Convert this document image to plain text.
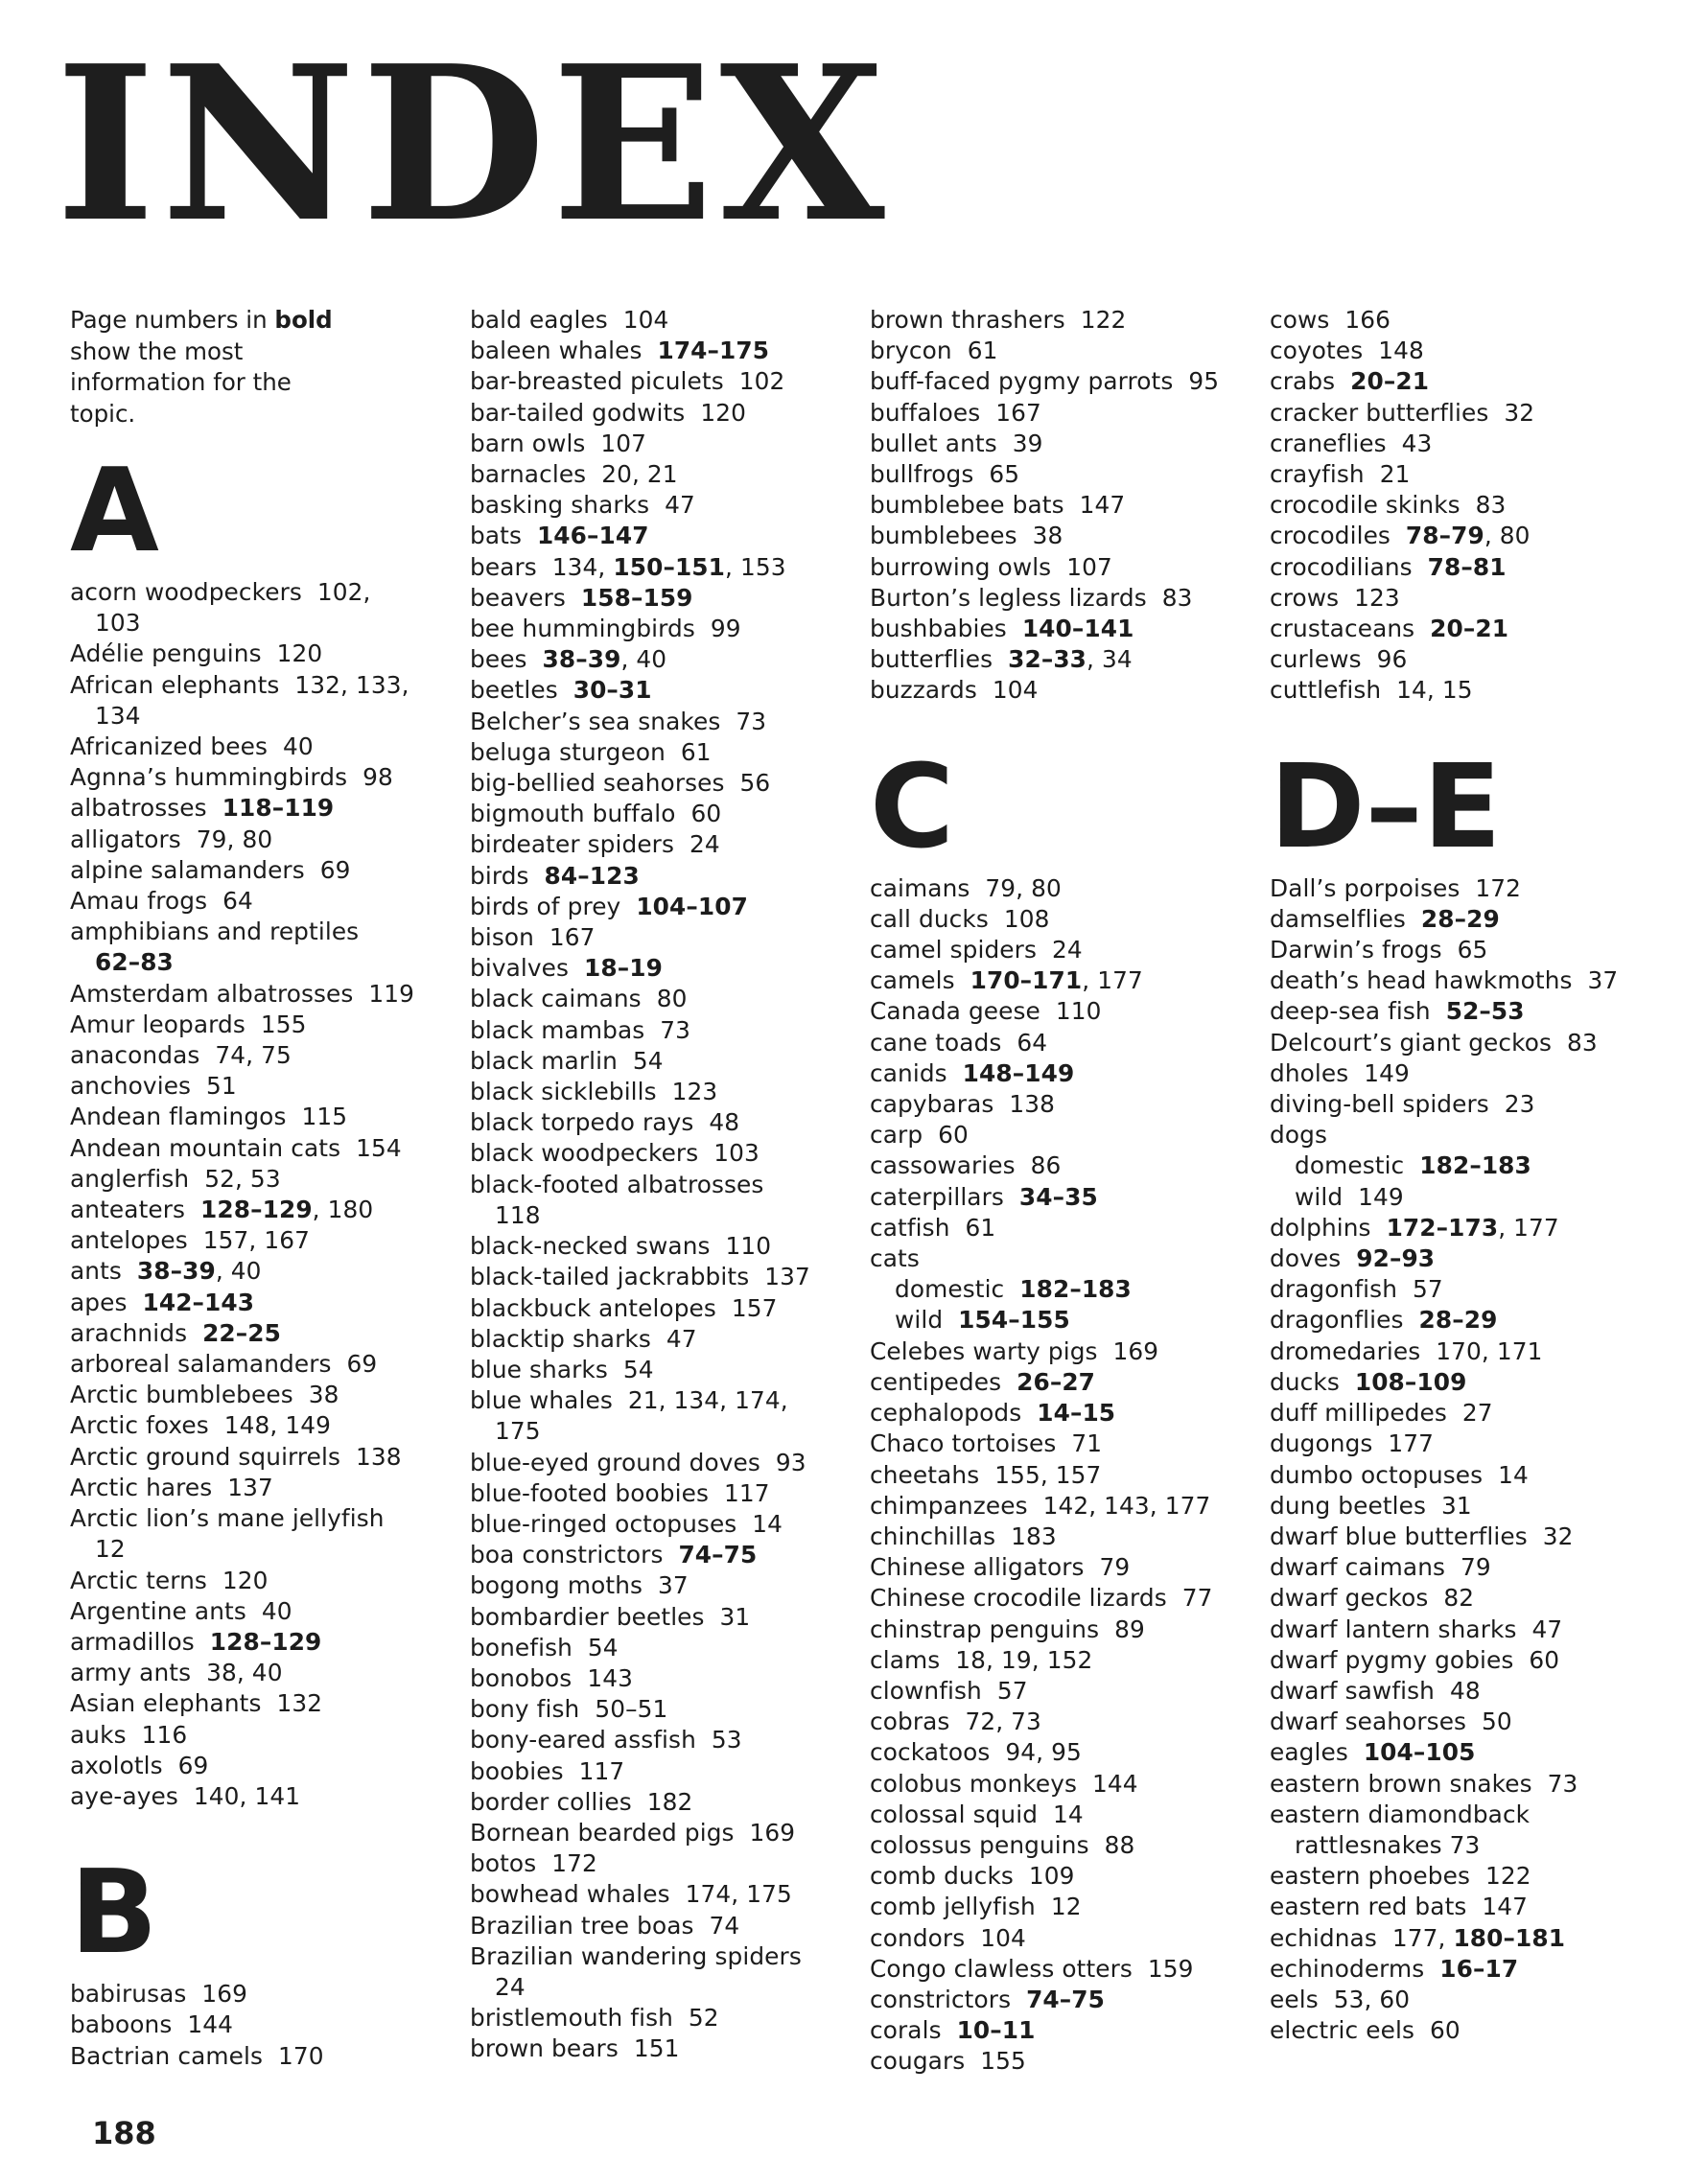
INDEX

Page numbers in bold show the most information for the topic.

A
acorn woodpeckers 102,
103
Adélie penguins 120
African elephants 132, 133,
134
Africanized bees 40
Agnna’s hummingbirds 98
albatrosses 118–119
alligators 79, 80
alpine salamanders 69
Amau frogs 64
amphibians and reptiles
62–83
Amsterdam albatrosses 119
Amur leopards 155
anacondas 74, 75
anchovies 51
Andean flamingos 115
Andean mountain cats 154
anglerfish 52, 53
anteaters 128–129, 180
antelopes 157, 167
ants 38–39, 40
apes 142–143
arachnids 22–25
arboreal salamanders 69
Arctic bumblebees 38
Arctic foxes 148, 149
Arctic ground squirrels 138
Arctic hares 137
Arctic lion’s mane jellyfish
12
Arctic terns 120
Argentine ants 40
armadillos 128–129
army ants 38, 40
Asian elephants 132
auks 116
axolotls 69
aye-ayes 140, 141
B
babirusas 169
baboons 144
Bactrian camels 170
bald eagles 104
baleen whales 174–175
bar-breasted piculets 102
bar-tailed godwits 120
barn owls 107
barnacles 20, 21
basking sharks 47
bats 146–147
bears 134, 150–151, 153
beavers 158–159
bee hummingbirds 99
bees 38–39, 40
beetles 30–31
Belcher’s sea snakes 73
beluga sturgeon 61
big-bellied seahorses 56
bigmouth buffalo 60
birdeater spiders 24
birds 84–123
birds of prey 104–107
bison 167
bivalves 18–19
black caimans 80
black mambas 73
black marlin 54
black sicklebills 123
black torpedo rays 48
black woodpeckers 103
black-footed albatrosses
118
black-necked swans 110
black-tailed jackrabbits 137
blackbuck antelopes 157
blacktip sharks 47
blue sharks 54
blue whales 21, 134, 174,
175
blue-eyed ground doves 93
blue-footed boobies 117
blue-ringed octopuses 14
boa constrictors 74–75
bogong moths 37
bombardier beetles 31
bonefish 54
bonobos 143
bony fish 50–51
bony-eared assfish 53
boobies 117
border collies 182
Bornean bearded pigs 169
botos 172
bowhead whales 174, 175
Brazilian tree boas 74
Brazilian wandering spiders
24
bristlemouth fish 52
brown bears 151
brown thrashers 122
brycon 61
buff-faced pygmy parrots 95
buffaloes 167
bullet ants 39
bullfrogs 65
bumblebee bats 147
bumblebees 38
burrowing owls 107
Burton’s legless lizards 83
bushbabies 140–141
butterflies 32–33, 34
buzzards 104
C
caimans 79, 80
call ducks 108
camel spiders 24
camels 170–171, 177
Canada geese 110
cane toads 64
canids 148–149
capybaras 138
carp 60
cassowaries 86
caterpillars 34–35
catfish 61
cats
domestic 182–183
wild 154–155
Celebes warty pigs 169
centipedes 26–27
cephalopods 14–15
Chaco tortoises 71
cheetahs 155, 157
chimpanzees 142, 143, 177
chinchillas 183
Chinese alligators 79
Chinese crocodile lizards 77
chinstrap penguins 89
clams 18, 19, 152
clownfish 57
cobras 72, 73
cockatoos 94, 95
colobus monkeys 144
colossal squid 14
colossus penguins 88
comb ducks 109
comb jellyfish 12
condors 104
Congo clawless otters 159
constrictors 74–75
corals 10–11
cougars 155
cows 166
coyotes 148
crabs 20–21
cracker butterflies 32
craneflies 43
crayfish 21
crocodile skinks 83
crocodiles 78–79, 80
crocodilians 78–81
crows 123
crustaceans 20–21
curlews 96
cuttlefish 14, 15
D–E
Dall’s porpoises 172
damselflies 28–29
Darwin’s frogs 65
death’s head hawkmoths 37
deep-sea fish 52–53
Delcourt’s giant geckos 83
dholes 149
diving-bell spiders 23
dogs
domestic 182–183
wild 149
dolphins 172–173, 177
doves 92–93
dragonfish 57
dragonflies 28–29
dromedaries 170, 171
ducks 108–109
duff millipedes 27
dugongs 177
dumbo octopuses 14
dung beetles 31
dwarf blue butterflies 32
dwarf caimans 79
dwarf geckos 82
dwarf lantern sharks 47
dwarf pygmy gobies 60
dwarf sawfish 48
dwarf seahorses 50
eagles 104–105
eastern brown snakes 73
eastern diamondback
rattlesnakes 73
eastern phoebes 122
eastern red bats 147
echidnas 177, 180–181
echinoderms 16–17
eels 53, 60
electric eels 60
188
